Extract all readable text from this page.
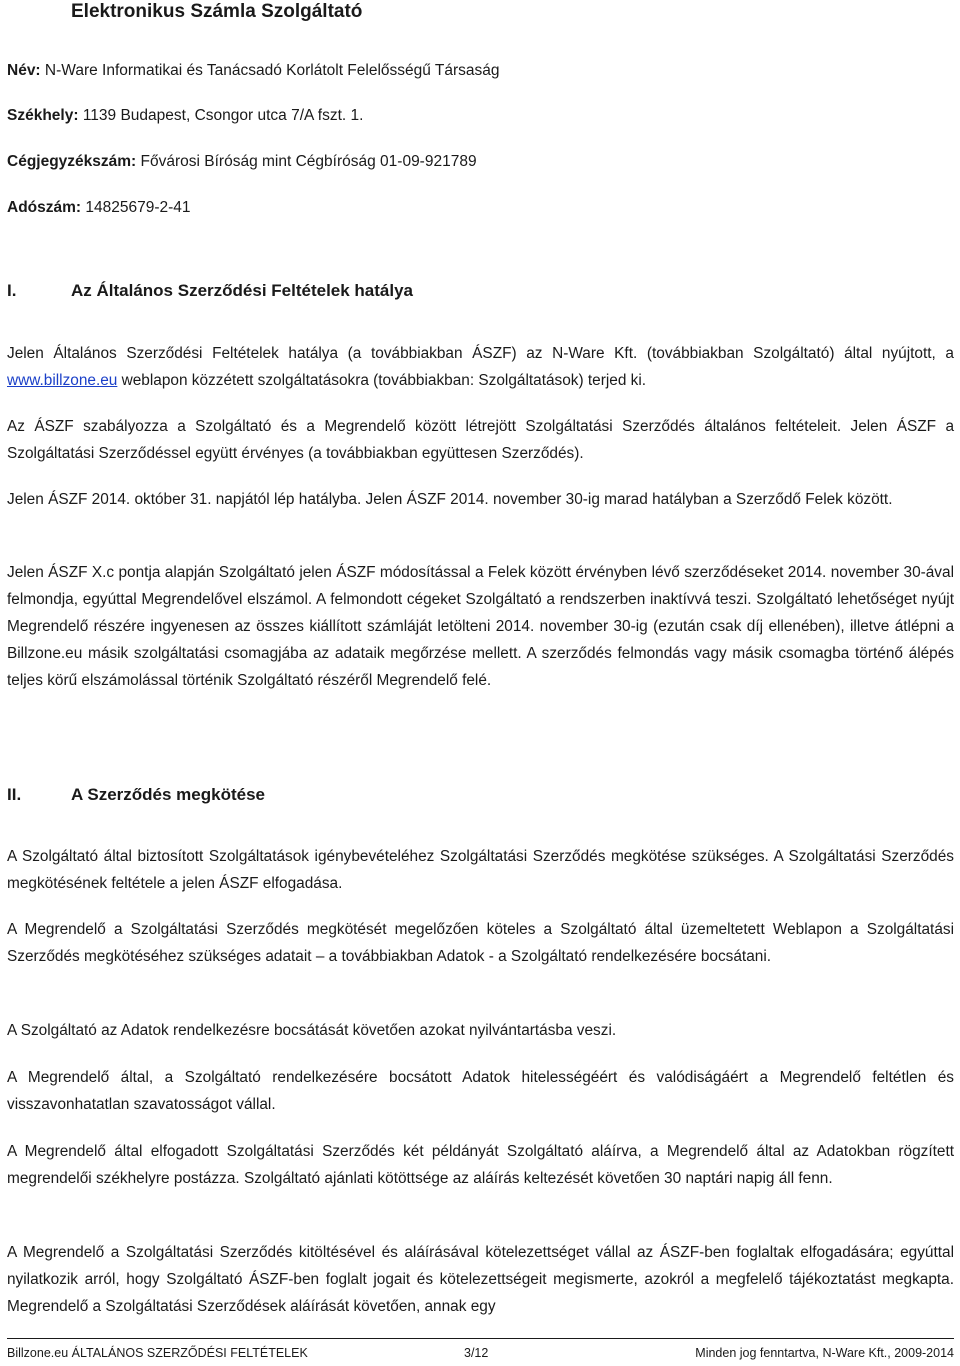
Elektronikus Számla Szolgáltató
Név: N-Ware Informatikai és Tanácsadó Korlátolt Felelősségű Társaság
Székhely: 1139 Budapest, Csongor utca 7/A fszt. 1.
Cégjegyzékszám: Fővárosi Bíróság mint Cégbíróság 01-09-921789
Adószám: 14825679-2-41
I.	Az Általános Szerződési Feltételek hatálya

Jelen Általános Szerződési Feltételek hatálya (a továbbiakban ÁSZF) az N-Ware Kft. (továbbiakban Szolgáltató) által nyújtott, a www.billzone.eu weblapon közzétett szolgáltatásokra (továbbiakban: Szolgáltatások) terjed ki.

Az ÁSZF szabályozza a Szolgáltató és a Megrendelő között létrejött Szolgáltatási Szerződés általános feltételeit. Jelen ÁSZF a Szolgáltatási Szerződéssel együtt érvényes (a továbbiakban együttesen Szerződés).

Jelen ÁSZF 2014. október 31. napjától lép hatályba. Jelen ÁSZF 2014. november 30-ig marad hatályban a Szerződő Felek között.

Jelen ÁSZF X.c pontja alapján Szolgáltató jelen ÁSZF módosítással a Felek között érvényben lévő szerződéseket 2014. november 30-ával felmondja, egyúttal Megrendelővel elszámol. A felmondott cégeket Szolgáltató a rendszerben inaktívvá teszi. Szolgáltató lehetőséget nyújt Megrendelő részére ingyenesen az összes kiállított számláját letölteni 2014. november 30-ig (ezután csak díj ellenében), illetve átlépni a Billzone.eu másik szolgáltatási csomagjába az adataik megőrzése mellett. A szerződés felmondás vagy másik csomagba történő álépés teljes körű elszámolással történik Szolgáltató részéről Megrendelő felé.

II.	A Szerződés megkötése

A Szolgáltató által biztosított Szolgáltatások igénybevételéhez Szolgáltatási Szerződés megkötése szükséges. A Szolgáltatási Szerződés megkötésének feltétele a jelen ÁSZF elfogadása.

A Megrendelő a Szolgáltatási Szerződés megkötését megelőzően köteles a Szolgáltató által üzemeltetett Weblapon a Szolgáltatási Szerződés megkötéséhez szükséges adatait – a továbbiakban Adatok - a Szolgáltató rendelkezésére bocsátani.

A Szolgáltató az Adatok rendelkezésre bocsátását követően azokat nyilvántartásba veszi.

A Megrendelő által, a Szolgáltató rendelkezésére bocsátott Adatok hitelességéért és valódiságáért a Megrendelő feltétlen és visszavonhatatlan szavatosságot vállal.

A Megrendelő által elfogadott Szolgáltatási Szerződés két példányát Szolgáltató aláírva, a Megrendelő által az Adatokban rögzített megrendelői székhelyre postázza. Szolgáltató ajánlati kötöttsége az aláírás keltezését követően 30 naptári napig áll fenn.

A Megrendelő a Szolgáltatási Szerződés kitöltésével és aláírásával kötelezettséget vállal az ÁSZF-ben foglaltak elfogadására; egyúttal nyilatkozik arról, hogy Szolgáltató ÁSZF-ben foglalt jogait és kötelezettségeit megismerte, azokról a megfelelő tájékoztatást megkapta. Megrendelő a Szolgáltatási Szerződések aláírását követően, annak egy

Billzone.eu ÁLTALÁNOS SZERZŐDÉSI FELTÉTELEK	3/12	Minden jog fenntartva, N-Ware Kft., 2009-2014
